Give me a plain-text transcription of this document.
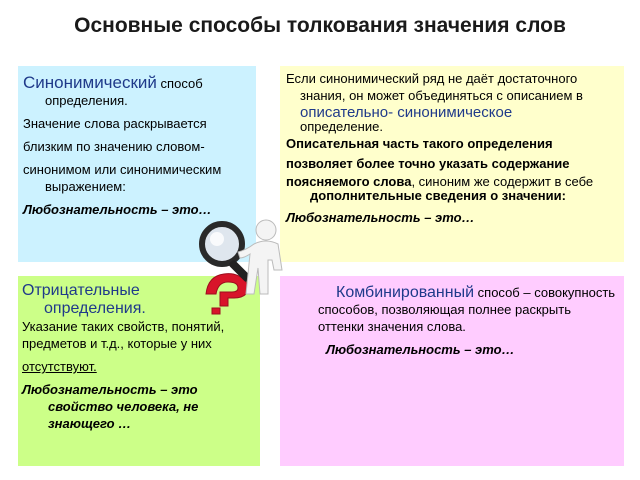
Основные способы толкования значения слов

Синонимический способ определения.

Значение слова раскрывается

близким по значению словом-

синонимом или синонимическим выражением:

Любознательность – это…

Если синонимический ряд не даёт достаточного знания, он может объединяться с описанием в

описательно- синонимическое

определение.

Описательная часть такого определения

позволяет более точно указать содержание

поясняемого слова, синоним же содержит в себе дополнительные сведения о значении:

Любознательность – это…

Отрицательные определения.

Указание таких свойств, понятий,

предметов и т.д., которые у них

отсутствуют.

Любознательность – это свойство человека, не знающего …

Комбинированный способ – совокупность способов, позволяющая полнее раскрыть оттенки значения слова.

Любознательность – это…
